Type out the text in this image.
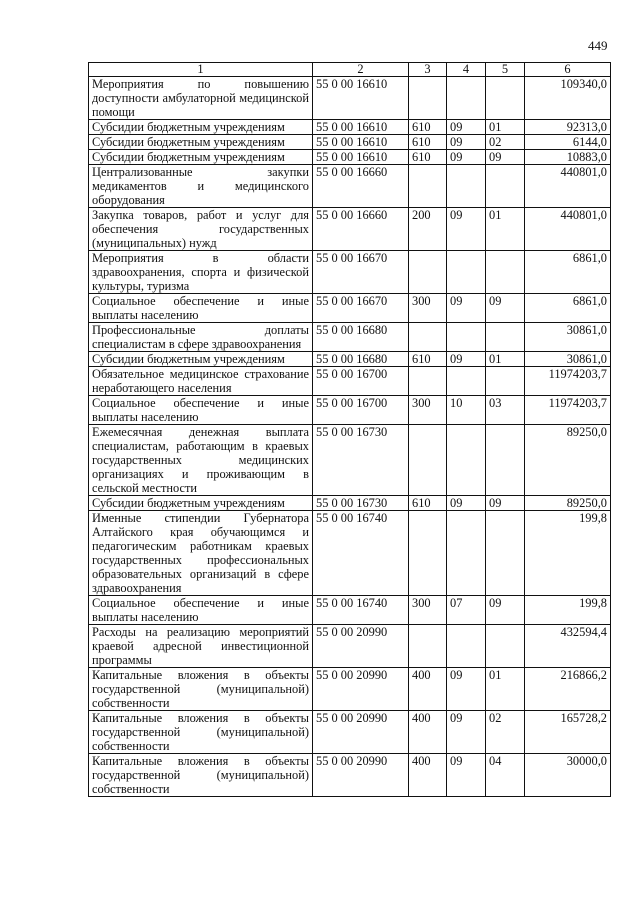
449
1	2	3	4	5	6
Мероприятия по повышению доступности амбулаторной медицинской помощи	55 0 00 16610				109340,0
Субсидии бюджетным учреждениям	55 0 00 16610	610	09	01	92313,0
Субсидии бюджетным учреждениям	55 0 00 16610	610	09	02	6144,0
Субсидии бюджетным учреждениям	55 0 00 16610	610	09	09	10883,0
Централизованные закупки медикаментов и медицинского оборудования	55 0 00 16660				440801,0
Закупка товаров, работ и услуг для обеспечения государственных (муниципальных) нужд	55 0 00 16660	200	09	01	440801,0
Мероприятия в области здравоохранения, спорта и физической культуры, туризма	55 0 00 16670				6861,0
Социальное обеспечение и иные выплаты населению	55 0 00 16670	300	09	09	6861,0
Профессиональные доплаты специалистам в сфере здравоохранения	55 0 00 16680				30861,0
Субсидии бюджетным учреждениям	55 0 00 16680	610	09	01	30861,0
Обязательное медицинское страхование неработающего населения	55 0 00 16700				11974203,7
Социальное обеспечение и иные выплаты населению	55 0 00 16700	300	10	03	11974203,7
Ежемесячная денежная выплата специалистам, работающим в краевых государственных медицинских организациях и проживающим в сельской местности	55 0 00 16730				89250,0
Субсидии бюджетным учреждениям	55 0 00 16730	610	09	09	89250,0
Именные стипендии Губернатора Алтайского края обучающимся и педагогическим работникам краевых государственных профессиональных образовательных организаций в сфере здравоохранения	55 0 00 16740				199,8
Социальное обеспечение и иные выплаты населению	55 0 00 16740	300	07	09	199,8
Расходы на реализацию мероприятий краевой адресной инвестиционной программы	55 0 00 20990				432594,4
Капитальные вложения в объекты государственной (муниципальной) собственности	55 0 00 20990	400	09	01	216866,2
Капитальные вложения в объекты государственной (муниципальной) собственности	55 0 00 20990	400	09	02	165728,2
Капитальные вложения в объекты государственной (муниципальной) собственности	55 0 00 20990	400	09	04	30000,0
